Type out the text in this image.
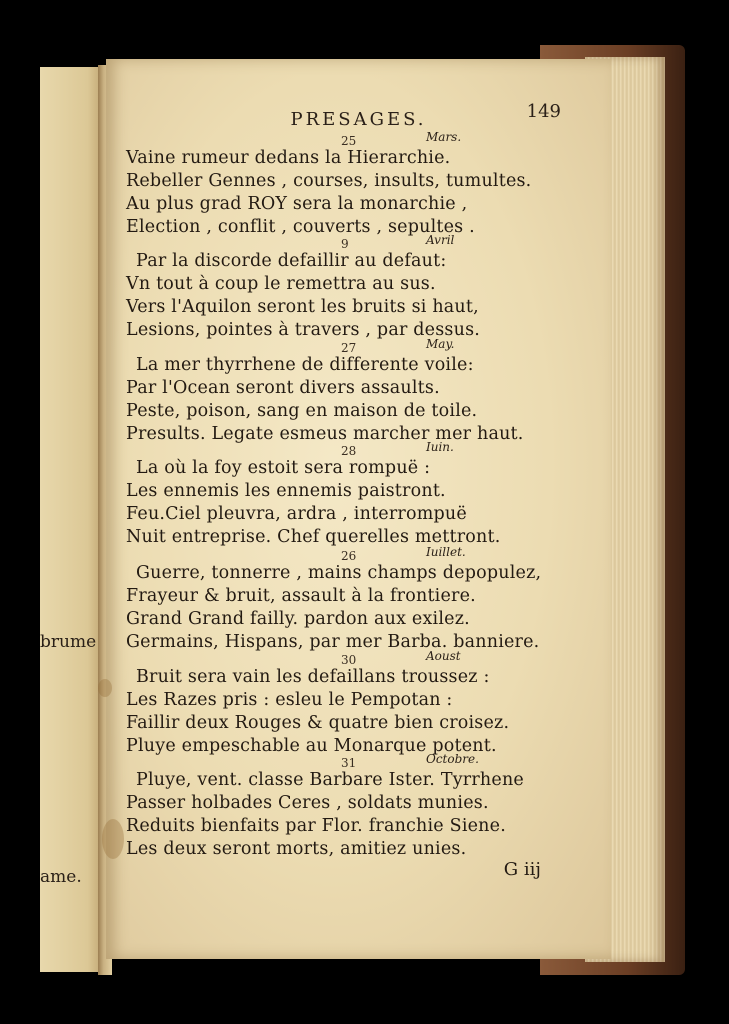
brume
ame.
PRESAGES.	149
25	Mars.
Vaine rumeur dedans la Hierarchie.
Rebeller Gennes , courses, insults, tumultes.
Au plus grad ROY sera la monarchie ,
Election , conflit , couverts , sepultes .
9	Avril
Par la discorde defaillir au defaut:
Vn tout à coup le remettra au sus.
Vers l'Aquilon seront les bruits si haut,
Lesions, pointes à travers , par dessus.
27	May.
La mer thyrrhene de differente voile:
Par l'Ocean seront divers assaults.
Peste, poison, sang en maison de toile.
Presults. Legate esmeus marcher mer haut.
28	Iuin.
La où la foy estoit sera rompuë :
Les ennemis les ennemis paistront.
Feu.Ciel pleuvra, ardra , interrompuë
Nuit entreprise. Chef querelles mettront.
26	Iuillet.
Guerre, tonnerre , mains champs depopulez,
Frayeur & bruit, assault à la frontiere.
Grand Grand failly. pardon aux exilez.
Germains, Hispans, par mer Barba. banniere.
30	Aoust
Bruit sera vain les defaillans troussez :
Les Razes pris : esleu le Pempotan :
Faillir deux Rouges & quatre bien croisez.
Pluye empeschable au Monarque potent.
31	Octobre.
Pluye, vent. classe Barbare Ister. Tyrrhene
Passer holbades Ceres , soldats munies.
Reduits bienfaits par Flor. franchie Siene.
Les deux seront morts, amitiez unies.
G iij
